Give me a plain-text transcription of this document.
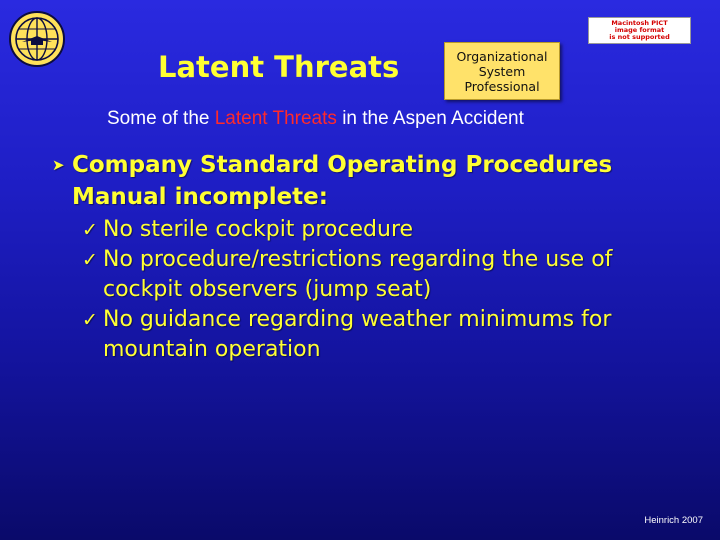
Latent Threats	Organizational
System
Professional
Macintosh PICT
image format
is not supported
Some of the Latent Threats in the Aspen Accident
➤ Company Standard Operating Procedures
Manual incomplete:
✓ No sterile cockpit procedure
✓ No procedure/restrictions regarding the use of
cockpit observers (jump seat)
✓ No guidance regarding weather minimums for
mountain operation
Heinrich 2007
